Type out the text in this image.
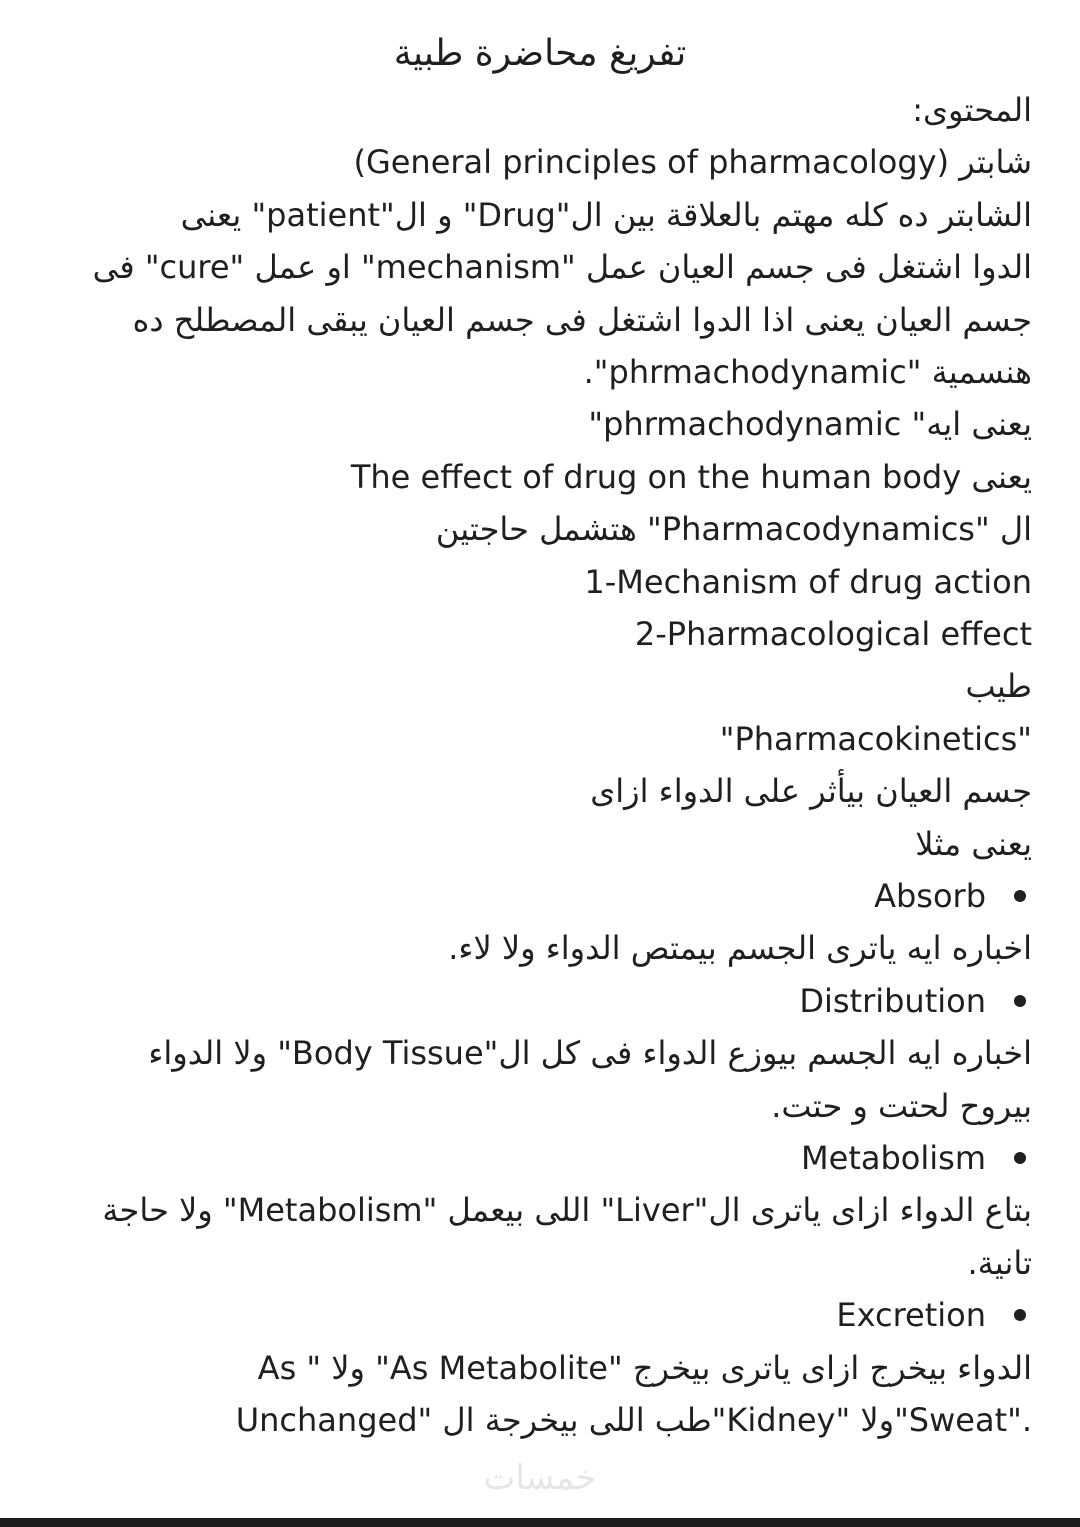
تفريغ محاضرة طبية

المحتوى:

شابتر (General principles of pharmacology)

الشابتر ده كله مهتم بالعلاقة بين ال"Drug" و ال"patient" يعنى

الدوا اشتغل فى جسم العيان عمل "mechanism" او عمل "cure" فى

جسم العيان يعنى اذا الدوا اشتغل فى جسم العيان يبقى المصطلح ده

هنسمية "phrmachodynamic".

يعنى ايه" phrmachodynamic"

يعنى The effect of drug on the human body

ال "Pharmacodynamics" هتشمل حاجتين

1-Mechanism of drug action

2-Pharmacological effect

طيب

"Pharmacokinetics"

جسم العيان بيأثر على الدواء ازاى

يعنى مثلا

Absorb

اخباره ايه ياترى الجسم بيمتص الدواء ولا لاء.

Distribution

اخباره ايه الجسم بيوزع الدواء فى كل ال"Body Tissue" ولا الدواء

بيروح لحتت و حتت.

Metabolism

بتاع الدواء ازاى ياترى ال"Liver" اللى بيعمل "Metabolism" ولا حاجة

تانية.

Excretion

الدواء بيخرج ازاى ياترى بيخرج "As Metabolite" ولا " As

Unchanged" طب اللى بيخرجة ال"Kidney" ولا"Sweat".

خمسات
